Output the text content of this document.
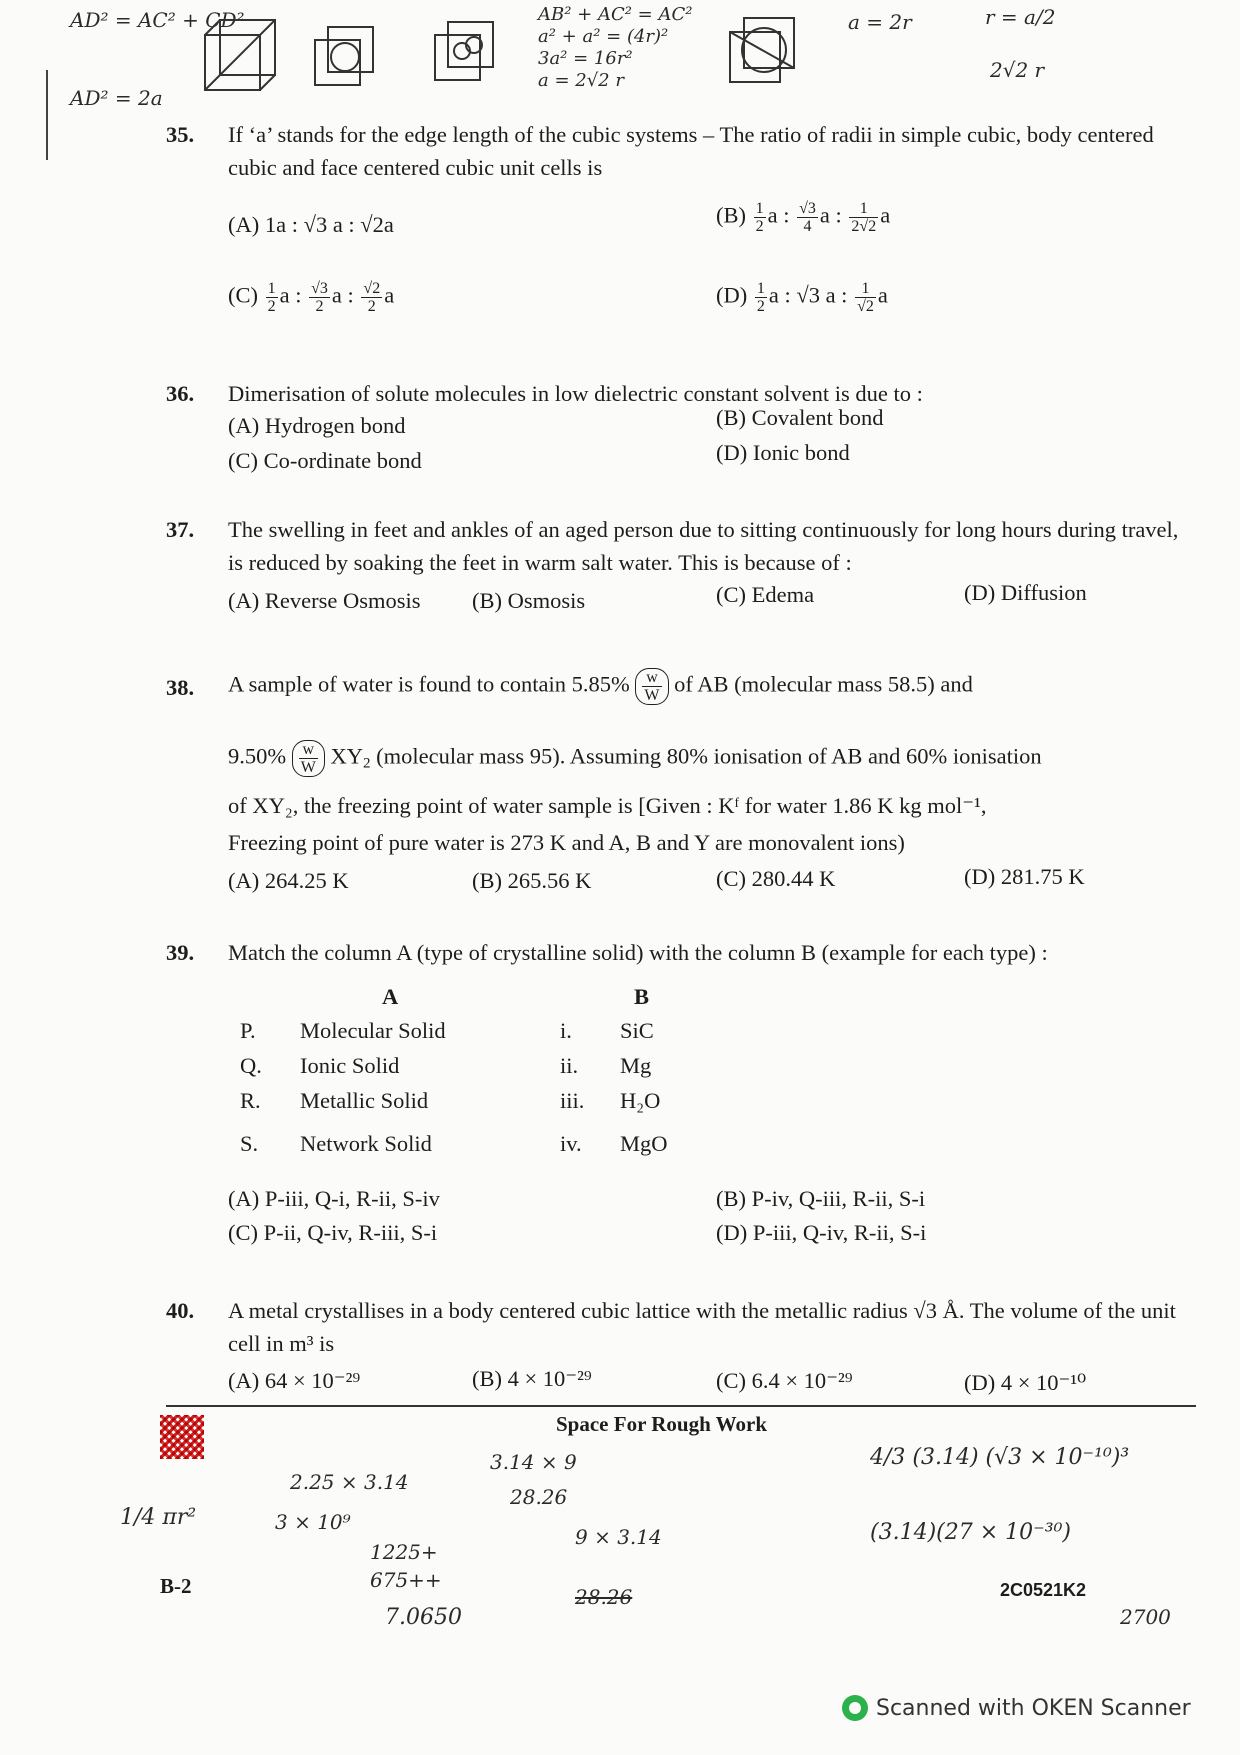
AD² = AC² + CD²
AD² = 2a
AB² + AC² = AC²
a² + a² = (4r)²
3a² = 16r²
a = 2√2 r
a = 2r	r = a/2
2√2 r
35. If ‘a’ stands for the edge length of the cubic systems – The ratio of radii in simple cubic, body centered cubic and face centered cubic unit cells is
(A) 1a : √3 a : √2a	$(B) \frac{1}{2}$ a : $\frac{√3}{4}$ a : $\frac{1}{2√2}$ a
$(C) \frac{1}{2}$ a : $\frac{√3}{2}$ a : $\frac{√2}{2}$ a	$(D) \frac{1}{2}$ a : √3 a : $\frac{1}{√2}$ a
36. Dimerisation of solute molecules in low dielectric constant solvent is due to :
(A) Hydrogen bond	(B) Covalent bond
(C) Co-ordinate bond	(D) Ionic bond
37. The swelling in feet and ankles of an aged person due to sitting continuously for long hours during travel, is reduced by soaking the feet in warm salt water. This is because of :
(A) Reverse Osmosis (B) Osmosis	(C) Edema	(D) Diffusion
38. A sample of water is found to contain $5.85\% \frac{w}{W}$ of AB (molecular mass 58.5) and
$9.50\% \frac{w}{W} XY_2$ (molecular mass 95). Assuming 80% ionisation of AB and 60% ionisation
of XY₂, the freezing point of water sample is [Given : Kᶠ for water 1.86 K kg mol⁻¹,
Freezing point of pure water is 273 K and A, B and Y are monovalent ions)
(A) 264.25 K	(B) 265.56 K	(C) 280.44 K	(D) 281.75 K
39. Match the column A (type of crystalline solid) with the column B (example for each type) :
A	B
P. Molecular Solid	i. SiC
Q. Ionic Solid	ii. Mg
R. Metallic Solid	iii. H₂O
S. Network Solid	iv. MgO
(A) P-iii, Q-i, R-ii, S-iv	(B) P-iv, Q-iii, R-ii, S-i
(C) P-ii, Q-iv, R-iii, S-i	(D) P-iii, Q-iv, R-ii, S-i
40. A metal crystallises in a body centered cubic lattice with the metallic radius √3 Å. The volume of the unit cell in m³ is
(A) 64 × 10⁻²⁹	(B) 4 × 10⁻²⁹	(C) 6.4 × 10⁻²⁹	(D) 4 × 10⁻¹⁰
Space For Rough Work
B-2	2C0521K2
1/4 πr²
2.25 × 3.14
3 × 10⁹
1225+
675++
7.0650
3.14 × 9
28.26
9 × 3.14
28.26
4/3 (3.14) (√3 × 10⁻¹⁰)³
(3.14)(27 × 10⁻³⁰)
2700
Scanned with OKEN Scanner
